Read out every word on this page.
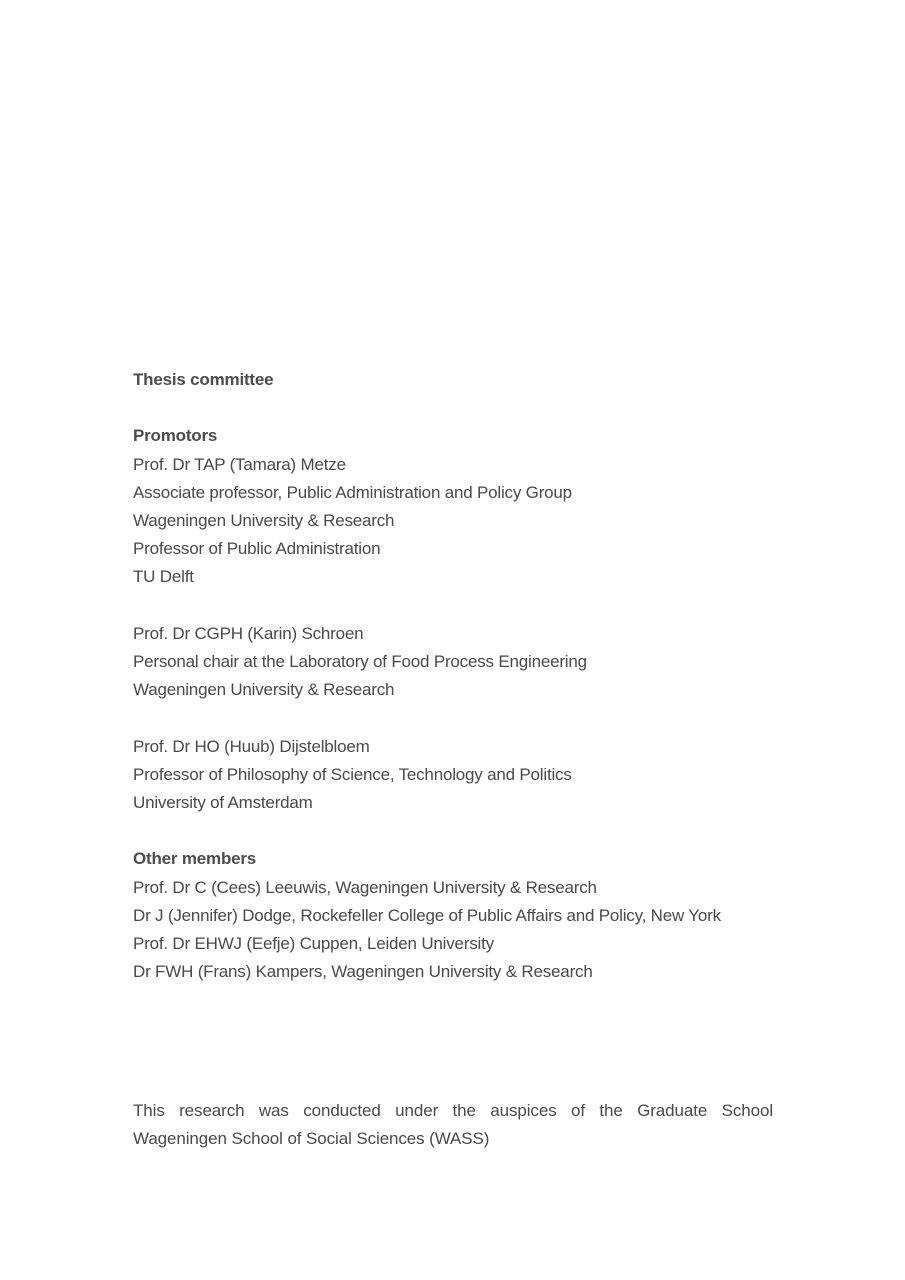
Thesis committee
Promotors
Prof. Dr TAP (Tamara) Metze
Associate professor, Public Administration and Policy Group
Wageningen University & Research
Professor of Public Administration
TU Delft
Prof. Dr CGPH (Karin) Schroen
Personal chair at the Laboratory of Food Process Engineering
Wageningen University & Research
Prof. Dr HO (Huub) Dijstelbloem
Professor of Philosophy of Science, Technology and Politics
University of Amsterdam
Other members
Prof. Dr C (Cees) Leeuwis, Wageningen University & Research
Dr J (Jennifer) Dodge, Rockefeller College of Public Affairs and Policy, New York
Prof. Dr EHWJ (Eefje) Cuppen, Leiden University
Dr FWH (Frans) Kampers, Wageningen University & Research
This research was conducted under the auspices of the Graduate School
Wageningen School of Social Sciences (WASS)
